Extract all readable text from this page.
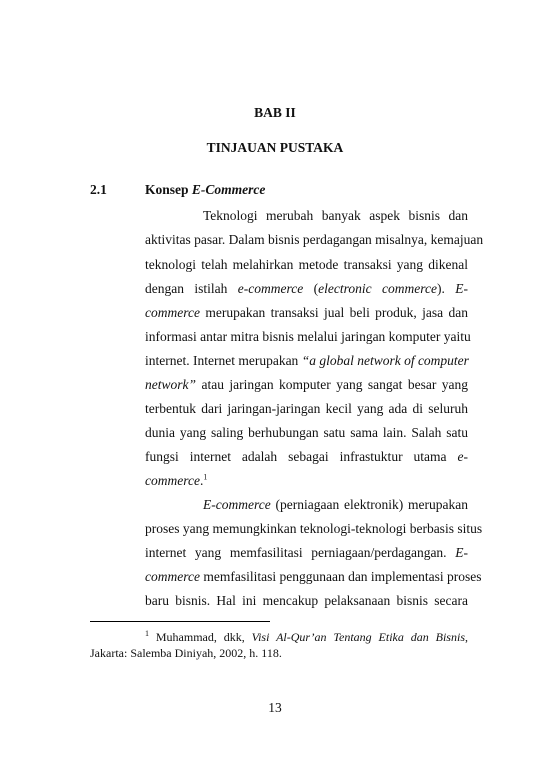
BAB II
TINJAUAN PUSTAKA
2.1	Konsep E-Commerce
Teknologi merubah banyak aspek bisnis dan
aktivitas pasar. Dalam bisnis perdagangan misalnya, kemajuan
teknologi telah melahirkan metode transaksi yang dikenal
dengan istilah e-commerce (electronic commerce). E-
commerce merupakan transaksi jual beli produk, jasa dan
informasi antar mitra bisnis melalui jaringan komputer yaitu
internet. Internet merupakan “a global network of computer
network” atau jaringan komputer yang sangat besar yang
terbentuk dari jaringan-jaringan kecil yang ada di seluruh
dunia yang saling berhubungan satu sama lain. Salah satu
fungsi internet adalah sebagai infrastuktur utama e-
commerce.$^1$
E-commerce (perniagaan elektronik) merupakan
proses yang memungkinkan teknologi-teknologi berbasis situs
internet yang memfasilitasi perniagaan/perdagangan. E-
commerce memfasilitasi penggunaan dan implementasi proses
baru bisnis. Hal ini mencakup pelaksanaan bisnis secara
$^1$ Muhammad, dkk, Visi Al-Qur’an Tentang Etika dan Bisnis,
Jakarta: Salemba Diniyah, 2002, h. 118.
13
